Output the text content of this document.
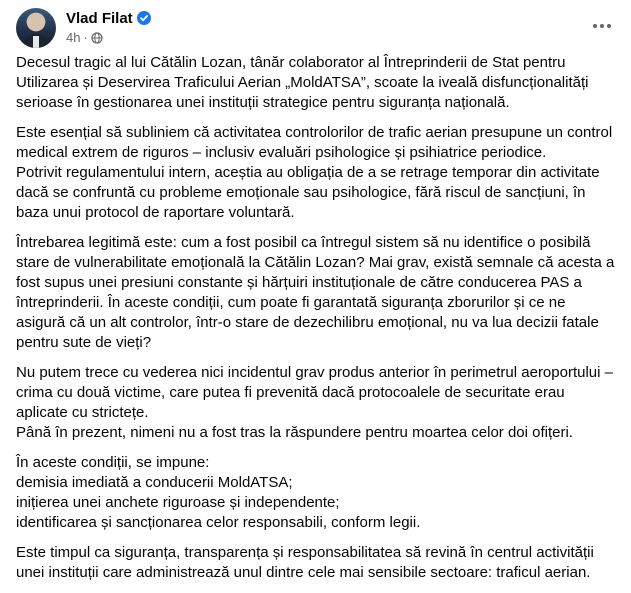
Vlad Filat
4h ·

Decesul tragic al lui Cătălin Lozan, tânăr colaborator al Întreprinderii de Stat pentru Utilizarea și Deservirea Traficului Aerian „MoldATSA”, scoate la iveală disfuncționalități serioase în gestionarea unei instituții strategice pentru siguranța națională.

Este esențial să subliniem că activitatea controlorilor de trafic aerian presupune un control medical extrem de riguros – inclusiv evaluări psihologice și psihiatrice periodice.

Potrivit regulamentului intern, aceștia au obligația de a se retrage temporar din activitate dacă se confruntă cu probleme emoționale sau psihologice, fără riscul de sancțiuni, în baza unui protocol de raportare voluntară.

Întrebarea legitimă este: cum a fost posibil ca întregul sistem să nu identifice o posibilă stare de vulnerabilitate emoțională la Cătălin Lozan? Mai grav, există semnale că acesta a fost supus unei presiuni constante și hărțuiri instituționale de către conducerea PAS a întreprinderii. În aceste condiții, cum poate fi garantată siguranța zborurilor și ce ne asigură că un alt controlor, într-o stare de dezechilibru emoțional, nu va lua decizii fatale pentru sute de vieți?

Nu putem trece cu vederea nici incidentul grav produs anterior în perimetrul aeroportului – crima cu două victime, care putea fi prevenită dacă protocoalele de securitate erau aplicate cu strictețe.

Până în prezent, nimeni nu a fost tras la răspundere pentru moartea celor doi ofițeri.

În aceste condiții, se impune:

demisia imediată a conducerii MoldATSA;

inițierea unei anchete riguroase și independente;

identificarea și sancționarea celor responsabili, conform legii.

Este timpul ca siguranța, transparența și responsabilitatea să revină în centrul activității unei instituții care administrează unul dintre cele mai sensibile sectoare: traficul aerian.
